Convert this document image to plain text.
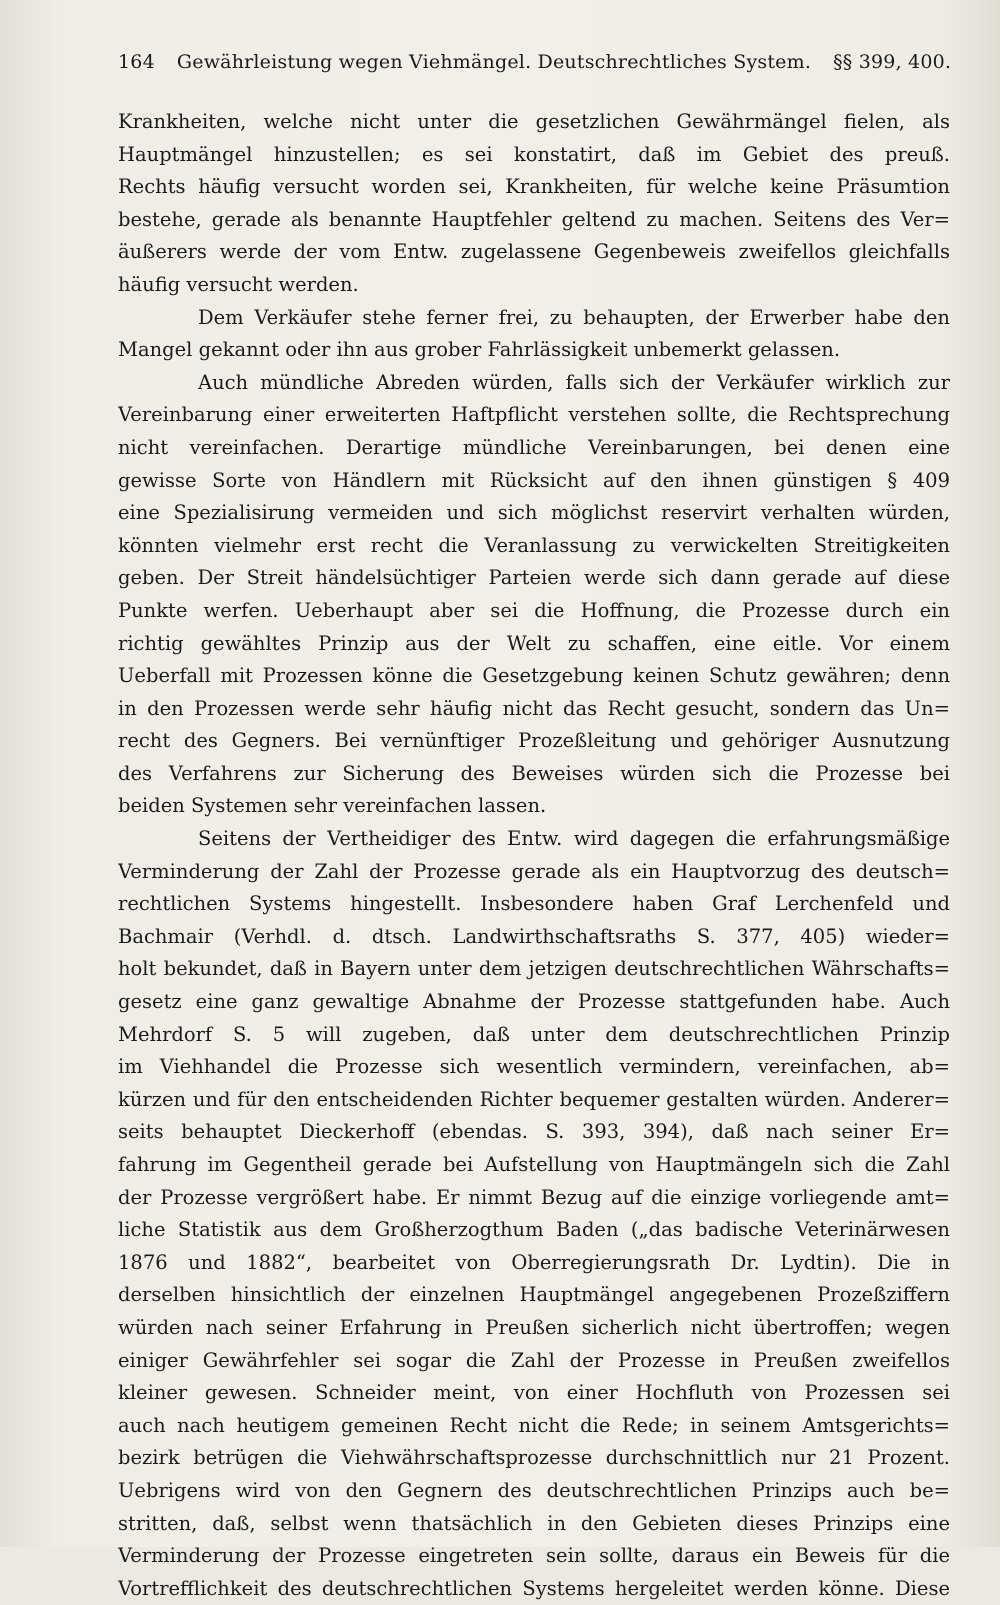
164 Gewährleistung wegen Viehmängel. Deutschrechtliches System. §§ 399, 400.
Krankheiten, welche nicht unter die gesetzlichen Gewährmängel fielen, als
Hauptmängel hinzustellen; es sei konstatirt, daß im Gebiet des preuß.
Rechts häufig versucht worden sei, Krankheiten, für welche keine Präsumtion
bestehe, gerade als benannte Hauptfehler geltend zu machen. Seitens des Ver=
äußerers werde der vom Entw. zugelassene Gegenbeweis zweifellos gleichfalls
häufig versucht werden.
Dem Verkäufer stehe ferner frei, zu behaupten, der Erwerber habe den
Mangel gekannt oder ihn aus grober Fahrlässigkeit unbemerkt gelassen.
Auch mündliche Abreden würden, falls sich der Verkäufer wirklich zur
Vereinbarung einer erweiterten Haftpflicht verstehen sollte, die Rechtsprechung
nicht vereinfachen. Derartige mündliche Vereinbarungen, bei denen eine
gewisse Sorte von Händlern mit Rücksicht auf den ihnen günstigen § 409
eine Spezialisirung vermeiden und sich möglichst reservirt verhalten würden,
könnten vielmehr erst recht die Veranlassung zu verwickelten Streitigkeiten
geben. Der Streit händelsüchtiger Parteien werde sich dann gerade auf diese
Punkte werfen. Ueberhaupt aber sei die Hoffnung, die Prozesse durch ein
richtig gewähltes Prinzip aus der Welt zu schaffen, eine eitle. Vor einem
Ueberfall mit Prozessen könne die Gesetzgebung keinen Schutz gewähren; denn
in den Prozessen werde sehr häufig nicht das Recht gesucht, sondern das Un=
recht des Gegners. Bei vernünftiger Prozeßleitung und gehöriger Ausnutzung
des Verfahrens zur Sicherung des Beweises würden sich die Prozesse bei
beiden Systemen sehr vereinfachen lassen.
Seitens der Vertheidiger des Entw. wird dagegen die erfahrungsmäßige
Verminderung der Zahl der Prozesse gerade als ein Hauptvorzug des deutsch=
rechtlichen Systems hingestellt. Insbesondere haben Graf Lerchenfeld und
Bachmair (Verhdl. d. dtsch. Landwirthschaftsraths S. 377, 405) wieder=
holt bekundet, daß in Bayern unter dem jetzigen deutschrechtlichen Währschafts=
gesetz eine ganz gewaltige Abnahme der Prozesse stattgefunden habe. Auch
Mehrdorf S. 5 will zugeben, daß unter dem deutschrechtlichen Prinzip
im Viehhandel die Prozesse sich wesentlich vermindern, vereinfachen, ab=
kürzen und für den entscheidenden Richter bequemer gestalten würden. Anderer=
seits behauptet Dieckerhoff (ebendas. S. 393, 394), daß nach seiner Er=
fahrung im Gegentheil gerade bei Aufstellung von Hauptmängeln sich die Zahl
der Prozesse vergrößert habe. Er nimmt Bezug auf die einzige vorliegende amt=
liche Statistik aus dem Großherzogthum Baden („das badische Veterinärwesen
1876 und 1882“, bearbeitet von Oberregierungsrath Dr. Lydtin). Die in
derselben hinsichtlich der einzelnen Hauptmängel angegebenen Prozeßziffern
würden nach seiner Erfahrung in Preußen sicherlich nicht übertroffen; wegen
einiger Gewährfehler sei sogar die Zahl der Prozesse in Preußen zweifellos
kleiner gewesen. Schneider meint, von einer Hochfluth von Prozessen sei
auch nach heutigem gemeinen Recht nicht die Rede; in seinem Amtsgerichts=
bezirk betrügen die Viehwährschaftsprozesse durchschnittlich nur 21 Prozent.
Uebrigens wird von den Gegnern des deutschrechtlichen Prinzips auch be=
stritten, daß, selbst wenn thatsächlich in den Gebieten dieses Prinzips eine
Verminderung der Prozesse eingetreten sein sollte, daraus ein Beweis für die
Vortrefflichkeit des deutschrechtlichen Systems hergeleitet werden könne. Diese
